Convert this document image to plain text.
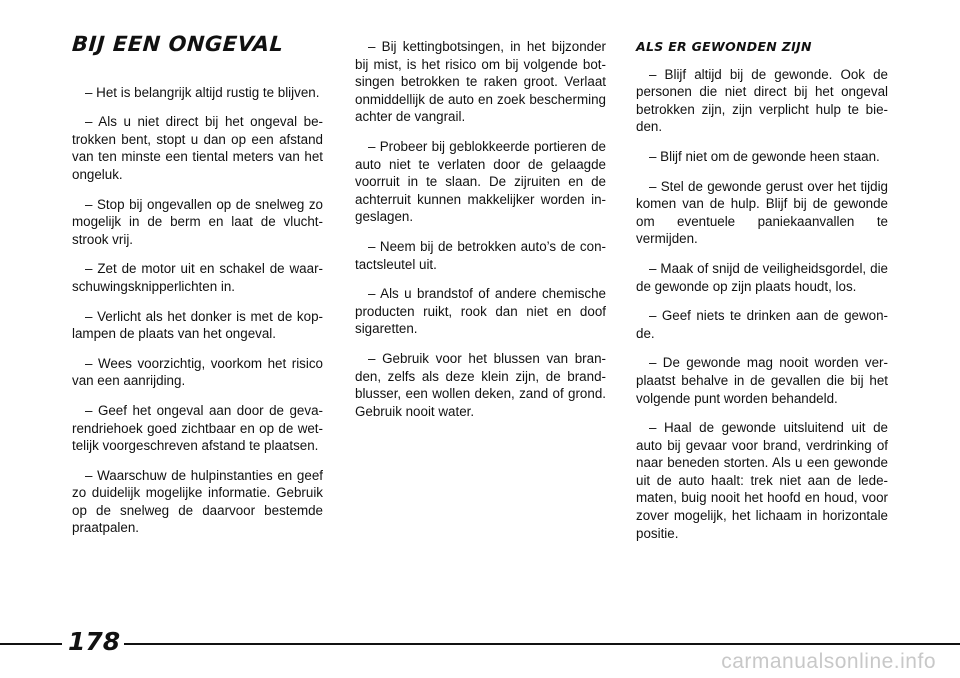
BIJ EEN ONGEVAL

– Het is belangrijk altijd rustig te blijven.

– Als u niet direct bij het ongeval betrokken bent, stopt u dan op een afstand van ten minste een tiental meters van het ongeluk.

– Stop bij ongevallen op de snelweg zo mogelijk in de berm en laat de vluchtstrook vrij.

– Zet de motor uit en schakel de waarschuwingsknipperlichten in.

– Verlicht als het donker is met de koplampen de plaats van het ongeval.

– Wees voorzichtig, voorkom het risico van een aanrijding.

– Geef het ongeval aan door de gevarendriehoek goed zichtbaar en op de wettelijk voorgeschreven afstand te plaatsen.

– Waarschuw de hulpinstanties en geef zo duidelijk mogelijke informatie. Gebruik op de snelweg de daarvoor bestemde praatpalen.

– Bij kettingbotsingen, in het bijzonder bij mist, is het risico om bij volgende botsingen betrokken te raken groot. Verlaat onmiddellijk de auto en zoek bescherming achter de vangrail.

– Probeer bij geblokkeerde portieren de auto niet te verlaten door de gelaagde voorruit in te slaan. De zijruiten en de achterruit kunnen makkelijker worden ingeslagen.

– Neem bij de betrokken auto’s de contactsleutel uit.

– Als u brandstof of andere chemische producten ruikt, rook dan niet en doof sigaretten.

– Gebruik voor het blussen van branden, zelfs als deze klein zijn, de brandblusser, een wollen deken, zand of grond. Gebruik nooit water.

ALS ER GEWONDEN ZIJN

– Blijf altijd bij de gewonde. Ook de personen die niet direct bij het ongeval betrokken zijn, zijn verplicht hulp te bieden.

– Blijf niet om de gewonde heen staan.

– Stel de gewonde gerust over het tijdig komen van de hulp. Blijf bij de gewonde om eventuele paniekaanvallen te vermijden.

– Maak of snijd de veiligheidsgordel, die de gewonde op zijn plaats houdt, los.

– Geef niets te drinken aan de gewonde.

– De gewonde mag nooit worden verplaatst behalve in de gevallen die bij het volgende punt worden behandeld.

– Haal de gewonde uitsluitend uit de auto bij gevaar voor brand, verdrinking of naar beneden storten. Als u een gewonde uit de auto haalt: trek niet aan de ledematen, buig nooit het hoofd en houd, voor zover mogelijk, het lichaam in horizontale positie.

178
carmanualsonline.info
